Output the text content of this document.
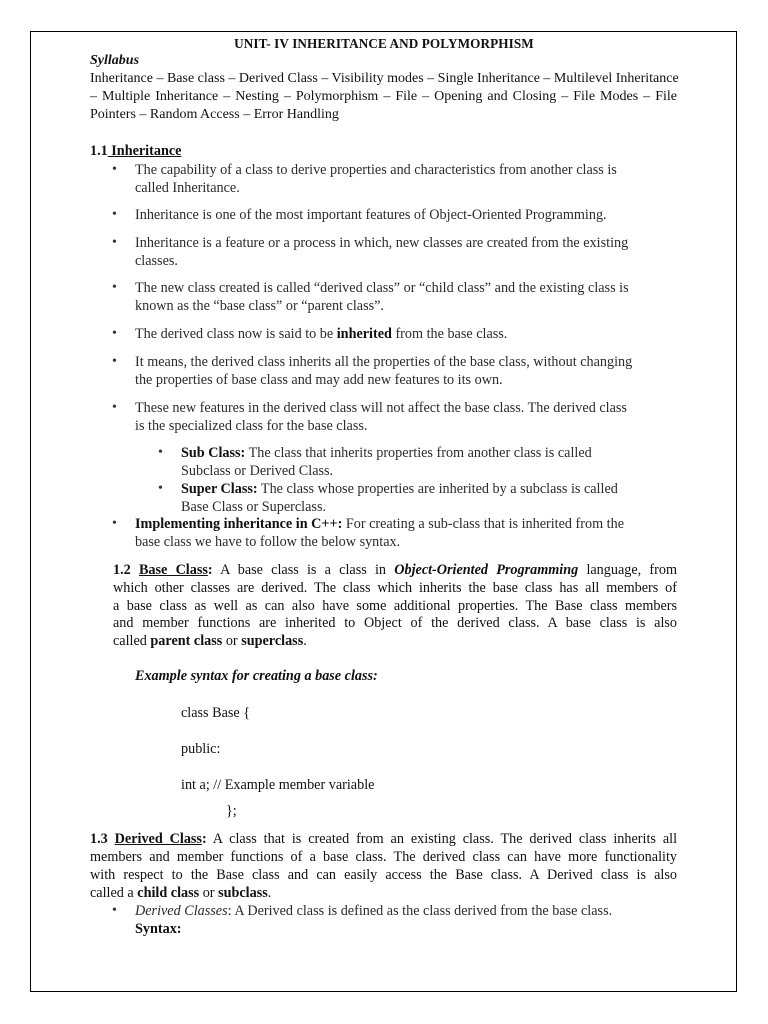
UNIT- IV INHERITANCE AND POLYMORPHISM
Syllabus
Inheritance – Base class – Derived Class – Visibility modes – Single Inheritance – Multilevel Inheritance
– Multiple Inheritance – Nesting – Polymorphism – File – Opening and Closing – File Modes – File
Pointers – Random Access – Error Handling
1.1 Inheritance
• The capability of a class to derive properties and characteristics from another class is
called Inheritance.
• Inheritance is one of the most important features of Object-Oriented Programming.
• Inheritance is a feature or a process in which, new classes are created from the existing
classes.
• The new class created is called “derived class” or “child class” and the existing class is
known as the “base class” or “parent class”.
• The derived class now is said to be inherited from the base class.
• It means, the derived class inherits all the properties of the base class, without changing
the properties of base class and may add new features to its own.
• These new features in the derived class will not affect the base class. The derived class
is the specialized class for the base class.
• Sub Class: The class that inherits properties from another class is called
Subclass or Derived Class.
• Super Class: The class whose properties are inherited by a subclass is called
Base Class or Superclass.
• Implementing inheritance in C++: For creating a sub-class that is inherited from the
base class we have to follow the below syntax.
1.2 Base Class: A base class is a class in Object-Oriented Programming language, from
which other classes are derived. The class which inherits the base class has all members of
a base class as well as can also have some additional properties. The Base class members
and member functions are inherited to Object of the derived class. A base class is also
called parent class or superclass.
Example syntax for creating a base class:
class Base {
public:
int a; // Example member variable
};
1.3 Derived Class: A class that is created from an existing class. The derived class inherits all
members and member functions of a base class. The derived class can have more functionality
with respect to the Base class and can easily access the Base class. A Derived class is also
called a child class or subclass.
• Derived Classes: A Derived class is defined as the class derived from the base class.
Syntax:
